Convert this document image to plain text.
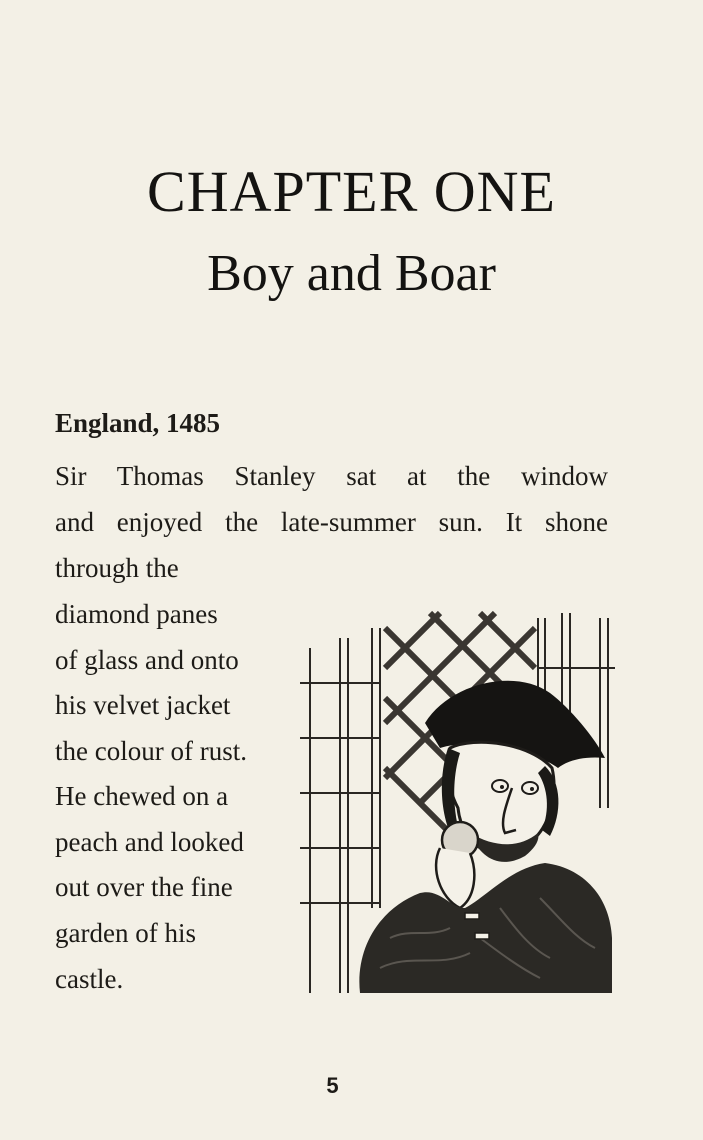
CHAPTER ONE
Boy and Boar
England, 1485
Sir Thomas Stanley sat at the window
and enjoyed the late-summer sun. It shone
through the
diamond panes
of glass and onto
his velvet jacket
the colour of rust.
He chewed on a
peach and looked
out over the fine
garden of his
castle.
5
